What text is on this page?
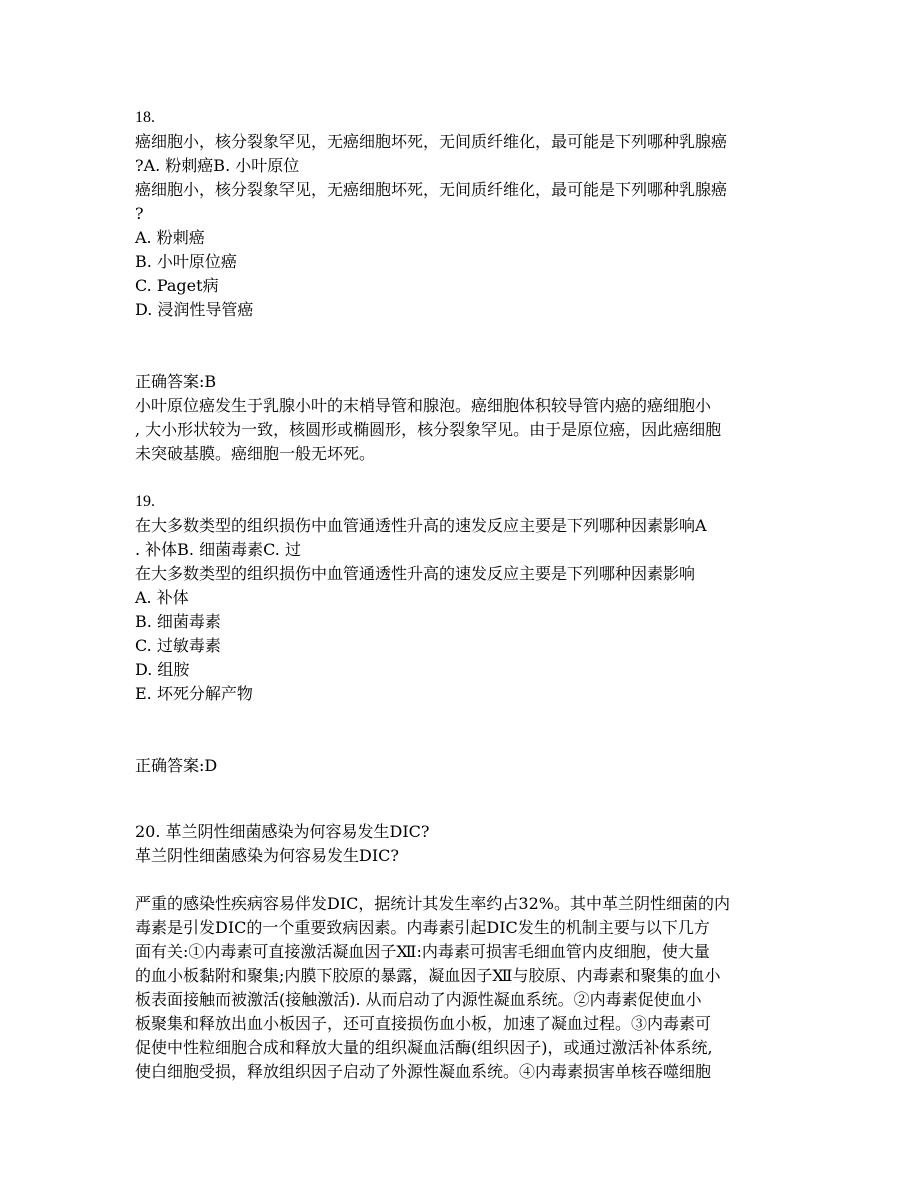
18.
癌细胞小，核分裂象罕见，无癌细胞坏死，无间质纤维化，最可能是下列哪种乳腺癌
?A. 粉刺癌B. 小叶原位
癌细胞小，核分裂象罕见，无癌细胞坏死，无间质纤维化，最可能是下列哪种乳腺癌
?
A. 粉刺癌
B. 小叶原位癌
C. Paget病
D. 浸润性导管癌
正确答案:B
小叶原位癌发生于乳腺小叶的末梢导管和腺泡。癌细胞体积较导管内癌的癌细胞小
, 大小形状较为一致，核圆形或椭圆形，核分裂象罕见。由于是原位癌，因此癌细胞
未突破基膜。癌细胞一般无坏死。
19.
在大多数类型的组织损伤中血管通透性升高的速发反应主要是下列哪种因素影响A
. 补体B. 细菌毒素C. 过
在大多数类型的组织损伤中血管通透性升高的速发反应主要是下列哪种因素影响
A. 补体
B. 细菌毒素
C. 过敏毒素
D. 组胺
E. 坏死分解产物
正确答案:D
20. 革兰阴性细菌感染为何容易发生DIC?
革兰阴性细菌感染为何容易发生DIC?
严重的感染性疾病容易伴发DIC，据统计其发生率约占32%。其中革兰阴性细菌的内
毒素是引发DIC的一个重要致病因素。内毒素引起DIC发生的机制主要与以下几方
面有关:①内毒素可直接激活凝血因子Ⅻ:内毒素可损害毛细血管内皮细胞，使大量
的血小板黏附和聚集;内膜下胶原的暴露，凝血因子Ⅻ与胶原、内毒素和聚集的血小
板表面接触而被激活(接触激活). 从而启动了内源性凝血系统。②内毒素促使血小
板聚集和释放出血小板因子，还可直接损伤血小板，加速了凝血过程。③内毒素可
促使中性粒细胞合成和释放大量的组织凝血活酶(组织因子)，或通过激活补体系统,
使白细胞受损，释放组织因子启动了外源性凝血系统。④内毒素损害单核吞噬细胞
